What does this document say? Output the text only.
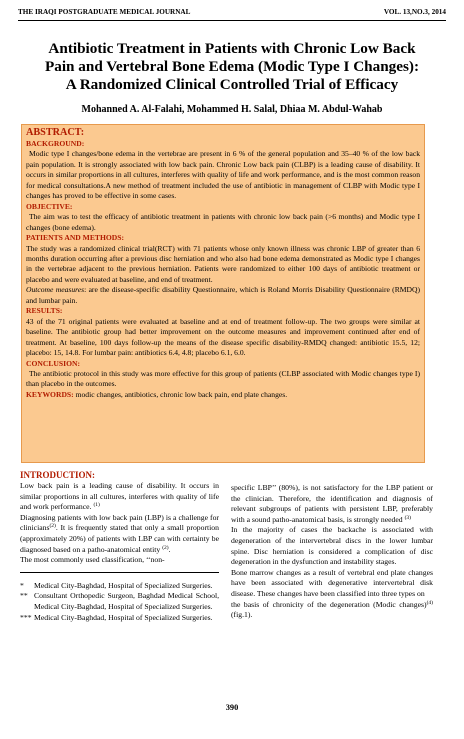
THE IRAQI POSTGRADUATE MEDICAL JOURNAL	VOL. 13,NO.3, 2014
Antibiotic Treatment in Patients with Chronic Low Back
Pain and Vertebral Bone Edema (Modic Type I Changes):
A Randomized Clinical Controlled Trial of Efficacy
Mohanned A. Al-Falahi, Mohammed H. Salal, Dhiaa M. Abdul-Wahab
ABSTRACT:
BACKGROUND:

Modic type I changes/bone edema in the vertebrae are present in 6 % of the general population and 35–40 % of the low back pain population. It is strongly associated with low back pain. Chronic Low back pain (CLBP) is a leading cause of disability. It occurs in similar proportions in all cultures, interferes with quality of life and work performance, and is the most common reason for medical consultations.A new method of treatment included the use of antibiotic in management of CLBP with Modic type I changes has proved to be effective in some cases.

OBJECTIVE:

The aim was to test the efficacy of antibiotic treatment in patients with chronic low back pain (>6 months) and Modic type I changes (bone edema).

PATIENTS AND METHODS:

The study was a randomized clinical trial(RCT) with 71 patients whose only known illness was chronic LBP of greater than 6 months duration occurring after a previous disc herniation and who also had bone edema demonstrated as Modic type I changes in the vertebrae adjacent to the previous herniation. Patients were randomized to either 100 days of antibiotic treatment or placebo and were evaluated at baseline, and end of treatment.

Outcome measures: are the disease-specific disability Questionnaire, which is Roland Morris Disability Questionnaire (RMDQ) and lumbar pain.

RESULTS:

43 of the 71 original patients were evaluated at baseline and at end of treatment follow-up. The two groups were similar at baseline. The antibiotic group had better improvement on the outcome measures and improvement continued after end of treatment. At baseline, 100 days follow-up the means of the disease specific disability-RMDQ changed: antibiotic 15.5, 12; placebo: 15, 14.8. For lumbar pain: antibiotics 6.4, 4.8; placebo 6.1, 6.0.

CONCLUSION:

The antibiotic protocol in this study was more effective for this group of patients (CLBP associated with Modic changes type I) than placebo in the outcomes.

KEYWORDS: modic changes, antibiotics, chronic low back pain, end plate changes.

INTRODUCTION:

Low back pain is a leading cause of disability. It occurs in similar proportions in all cultures, interferes with quality of life and work performance. $^{(1)}$

Diagnosing patients with low back pain (LBP) is a challenge for clinicians$^{(2)}$. It is frequently stated that only a small proportion (approximately 20%) of patients with LBP can with certainty be diagnosed based on a patho-anatomical entity $^{(2)}$.

The most commonly used classification, ‘‘non-

*	Medical City-Baghdad, Hospital of Specialized Surgeries.
** Consultant Orthopedic Surgeon, Baghdad Medical School, Medical City-Baghdad, Hospital of Specialized Surgeries.
*** Medical City-Baghdad, Hospital of Specialized Surgeries.

specific LBP’’ (80%), is not satisfactory for the LBP patient or the clinician. Therefore, the identification and diagnosis of relevant subgroups of patients with persistent LBP, preferably with a sound patho-anatomical basis, is strongly needed $^{(3)}$

In the majority of cases the backache is associated with degeneration of the intervertebral discs in the lower lumbar spine. Disc herniation is considered a complication of disc degeneration in the dysfunction and instability stages.

Bone marrow changes as a result of vertebral end plate changes have been associated with degenerative intervertebral disk disease. These changes have been classified into three types on

the basis of chronicity of the degeneration (Modic changes)$^{(4)}$ (fig.1).

390
